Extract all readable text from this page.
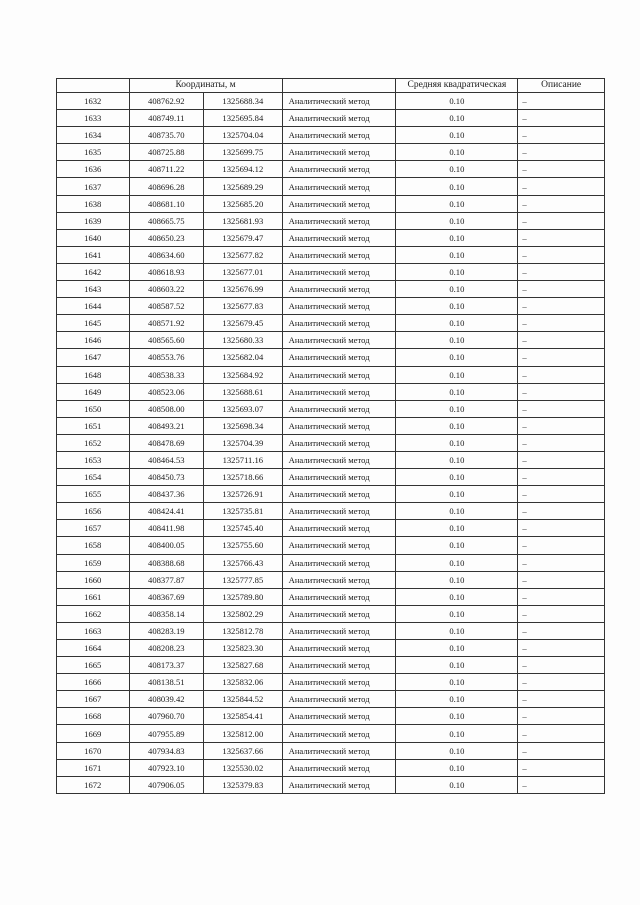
	Координаты, м			Средняя квадратическая	Описание
1632	408762.92	1325688.34	Аналитический метод	0.10	–
1633	408749.11	1325695.84	Аналитический метод	0.10	–
1634	408735.70	1325704.04	Аналитический метод	0.10	–
1635	408725.88	1325699.75	Аналитический метод	0.10	–
1636	408711.22	1325694.12	Аналитический метод	0.10	–
1637	408696.28	1325689.29	Аналитический метод	0.10	–
1638	408681.10	1325685.20	Аналитический метод	0.10	–
1639	408665.75	1325681.93	Аналитический метод	0.10	–
1640	408650.23	1325679.47	Аналитический метод	0.10	–
1641	408634.60	1325677.82	Аналитический метод	0.10	–
1642	408618.93	1325677.01	Аналитический метод	0.10	–
1643	408603.22	1325676.99	Аналитический метод	0.10	–
1644	408587.52	1325677.83	Аналитический метод	0.10	–
1645	408571.92	1325679.45	Аналитический метод	0.10	–
1646	408565.60	1325680.33	Аналитический метод	0.10	–
1647	408553.76	1325682.04	Аналитический метод	0.10	–
1648	408538.33	1325684.92	Аналитический метод	0.10	–
1649	408523.06	1325688.61	Аналитический метод	0.10	–
1650	408508.00	1325693.07	Аналитический метод	0.10	–
1651	408493.21	1325698.34	Аналитический метод	0.10	–
1652	408478.69	1325704.39	Аналитический метод	0.10	–
1653	408464.53	1325711.16	Аналитический метод	0.10	–
1654	408450.73	1325718.66	Аналитический метод	0.10	–
1655	408437.36	1325726.91	Аналитический метод	0.10	–
1656	408424.41	1325735.81	Аналитический метод	0.10	–
1657	408411.98	1325745.40	Аналитический метод	0.10	–
1658	408400.05	1325755.60	Аналитический метод	0.10	–
1659	408388.68	1325766.43	Аналитический метод	0.10	–
1660	408377.87	1325777.85	Аналитический метод	0.10	–
1661	408367.69	1325789.80	Аналитический метод	0.10	–
1662	408358.14	1325802.29	Аналитический метод	0.10	–
1663	408283.19	1325812.78	Аналитический метод	0.10	–
1664	408208.23	1325823.30	Аналитический метод	0.10	–
1665	408173.37	1325827.68	Аналитический метод	0.10	–
1666	408138.51	1325832.06	Аналитический метод	0.10	–
1667	408039.42	1325844.52	Аналитический метод	0.10	–
1668	407960.70	1325854.41	Аналитический метод	0.10	–
1669	407955.89	1325812.00	Аналитический метод	0.10	–
1670	407934.83	1325637.66	Аналитический метод	0.10	–
1671	407923.10	1325530.02	Аналитический метод	0.10	–
1672	407906.05	1325379.83	Аналитический метод	0.10	–
